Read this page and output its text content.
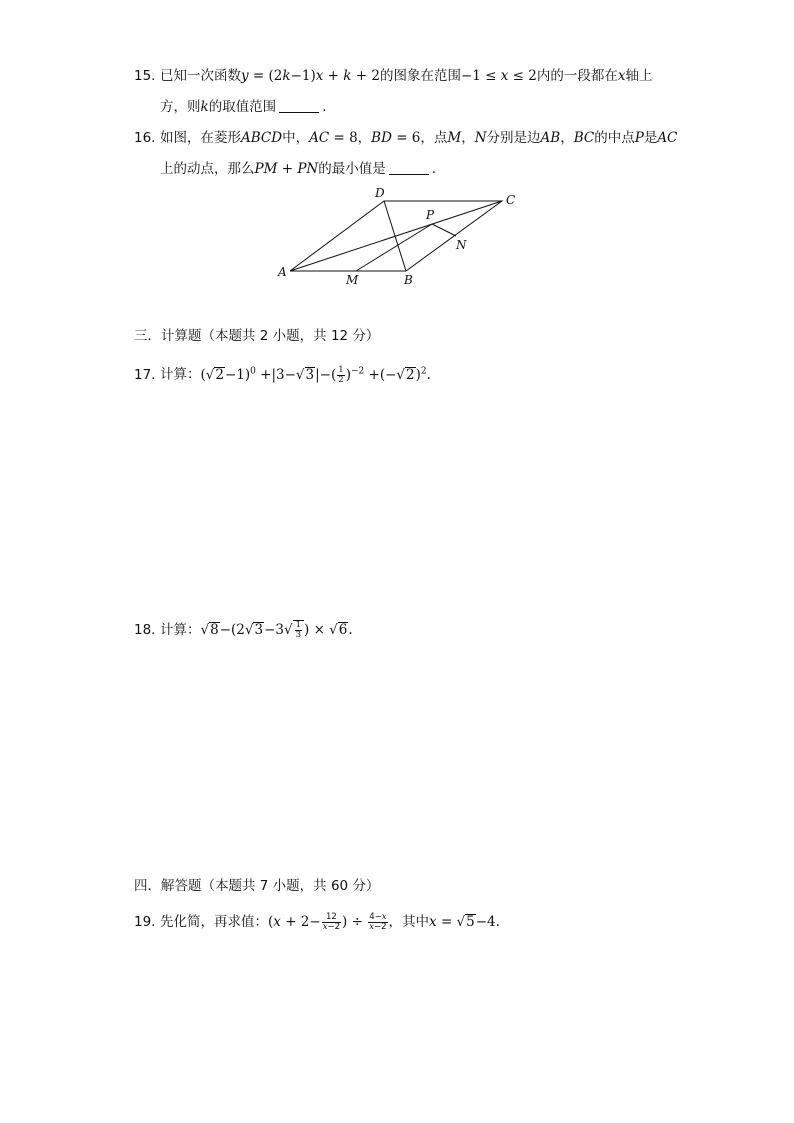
15. 已知一次函数y = (2k−1)x + k + 2的图象在范围−1 ≤ x ≤ 2内的一段都在x轴上
方，则k的取值范围	.
16. 如图，在菱形ABCD中，AC = 8，BD = 6，点M，N分别是边AB，BC的中点P是AC
上的动点，那么PM + PN的最小值是	.
A
B
C
D
M
N
P
三．计算题（本题共 2 小题，共 12 分）
17. 计算：$(√2-1)^0 +|3-√3|-( \frac{1}{2} )^{-2} +(-√2)^2$.
18. 计算：$√8-(2√3-3√ \frac{1}{3}$ ) × √6.
四．解答题（本题共 7 小题，共 60 分）
19. 先化简，再求值：($x + 2- \frac{12}{x-2}$ ) ÷ $\frac{4-x}{x-2}$ ，其中x = √5−4.
